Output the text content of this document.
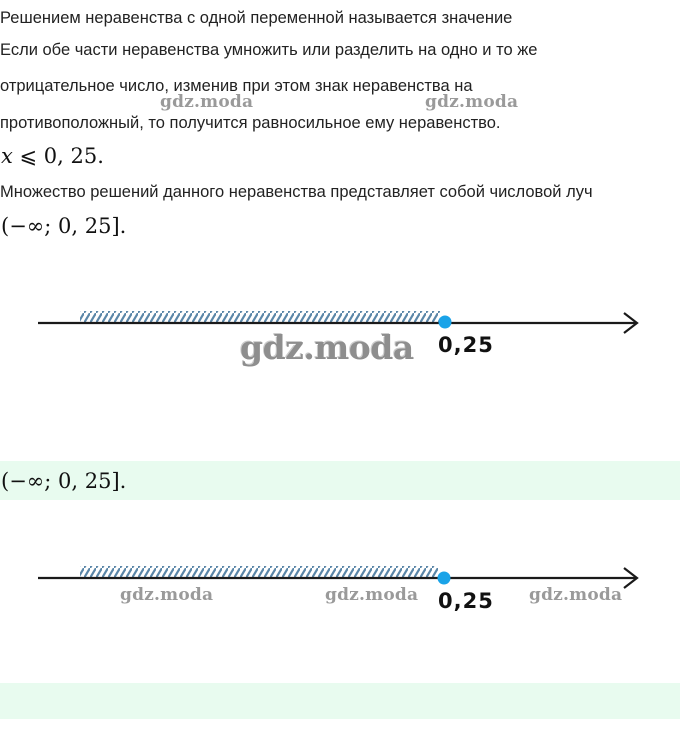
Решением неравенства с одной переменной называется значение
Если обе части неравенства умножить или разделить на одно и то же
отрицательное число, изменив при этом знак неравенства на
противоположный, то получится равносильное ему неравенство.
gdz.moda	gdz.moda
x ⩽ 0, 25.
Множество решений данного неравенства представляет собой числовой луч
(−∞; 0, 25].
gdz.moda 0,25
(−∞; 0, 25].
gdz.moda	gdz.moda	gdz.moda
0,25
